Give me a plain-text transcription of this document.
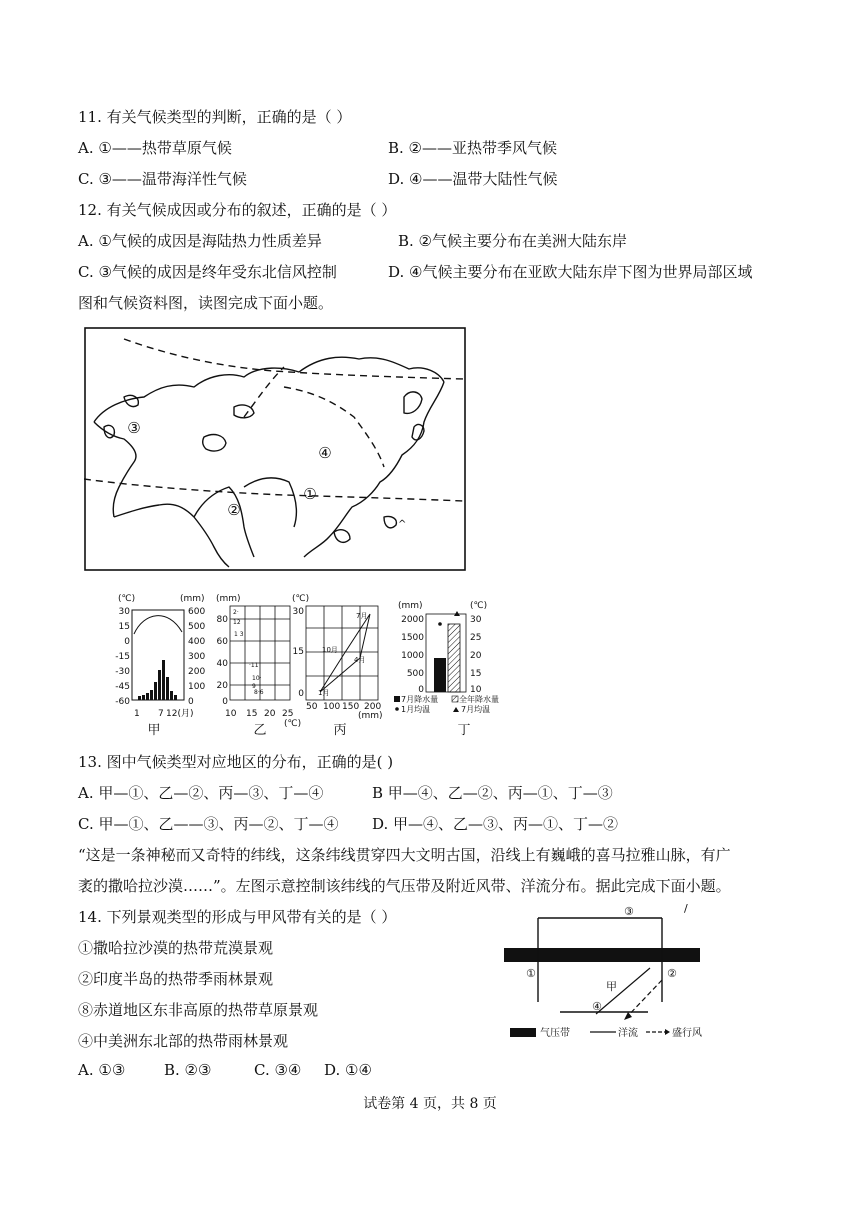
11. 有关气候类型的判断，正确的是（ ）
A. ①——热带草原气候	B. ②——亚热带季风气候
C. ③——温带海洋性气候	D. ④——温带大陆性气候
12. 有关气候成因或分布的叙述，正确的是（ ）
A. ①气候的成因是海陆热力性质差异	B. ②气候主要分布在美洲大陆东岸
C. ③气候的成因是终年受东北信风控制	D. ④气候主要分布在亚欧大陆东岸下图为世界局部区域
图和气候资料图，读图完成下面小题。
③
②
①
④
^
(℃)	(mm)
30
15
0
-15
-30
-45
-60
600
500
400
300
200
100
0
1 7 12(月)
甲
(mm)
80
60
40
20
0
10 15 20 25
(℃)
2·
12
1 3
·11
10·
9
8·6
乙
(℃)
30
15
0 1月
50 100 150 200
(mm)
7月
10月
4月
丙
(mm)	(℃)
2000
1500
1000
500
0
30
25
20
15
10
7月降水量	全年降水量
1月均温	7月均温
丁
13. 图中气候类型对应地区的分布，正确的是( )
A. 甲—①、乙—②、丙—③、丁—④	B 甲—④、乙—②、丙—①、丁—③
C. 甲—①、乙——③、丙—②、丁—④ D. 甲—④、乙—③、丙—①、丁—②
“这是一条神秘而又奇特的纬线，这条纬线贯穿四大文明古国，沿线上有巍峨的喜马拉雅山脉，有广
袤的撒哈拉沙漠……”。左图示意控制该纬线的气压带及附近风带、洋流分布。据此完成下面小题。
14. 下列景观类型的形成与甲风带有关的是（ ）
①撒哈拉沙漠的热带荒漠景观
②印度半岛的热带季雨林景观
⑧赤道地区东非高原的热带草原景观
④中美洲东北部的热带雨林景观
A. ①③	B. ②③	C. ③④ D. ①④
③	/
①	②
④
甲
气压带	洋流	盛行风
试卷第 4 页，共 8 页
